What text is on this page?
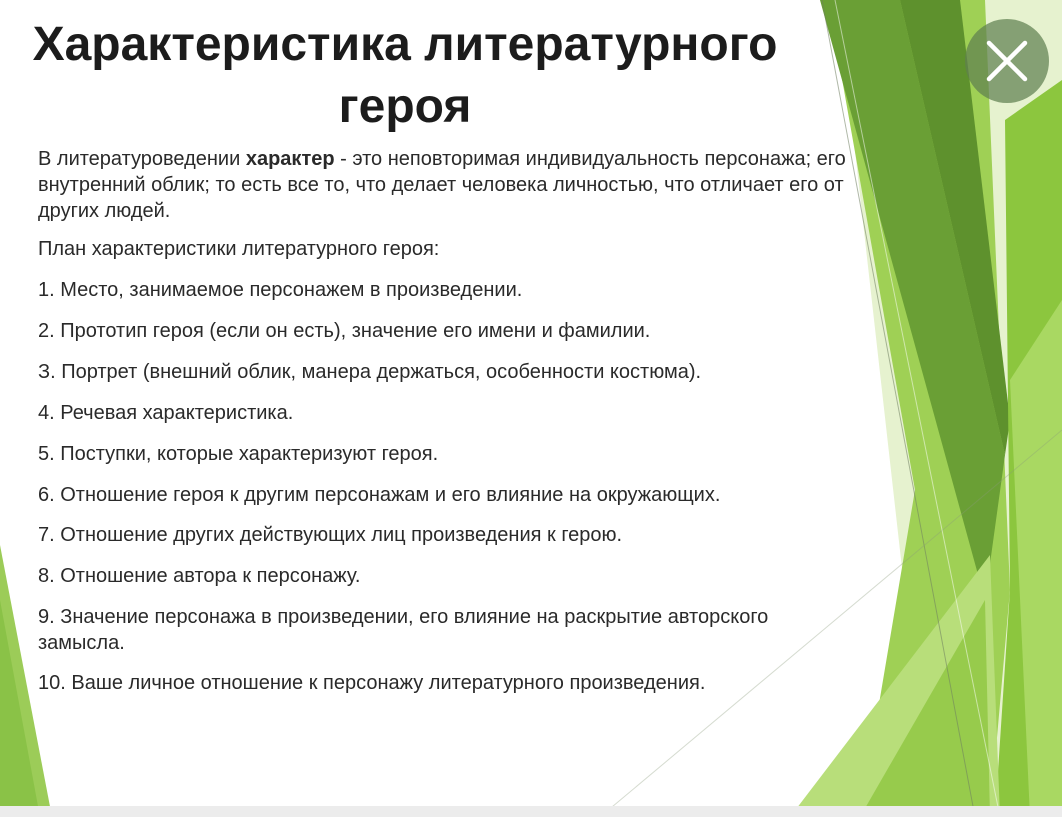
Характеристика литературного
героя

В литературоведении характер - это неповторимая индивидуальность персонажа; его внутренний облик; то есть все то, что делает человека личностью, что отличает его от других людей.

План характеристики литературного героя:

1. Место, занимаемое персонажем в произведении.
2. Прототип героя (если он есть), значение его имени и фамилии.
З. Портрет (внешний облик, манера держаться, особенности костюма).
4. Речевая характеристика.
5. Поступки, которые характеризуют героя.
6. Отношение героя к другим персонажам и его влияние на окружающих.
7. Отношение других действующих лиц произведения к герою.
8. Отношение автора к персонажу.
9. Значение персонажа в произведении, его влияние на раскрытие авторского замысла.
10. Ваше личное отношение к персонажу литературного произведения.
